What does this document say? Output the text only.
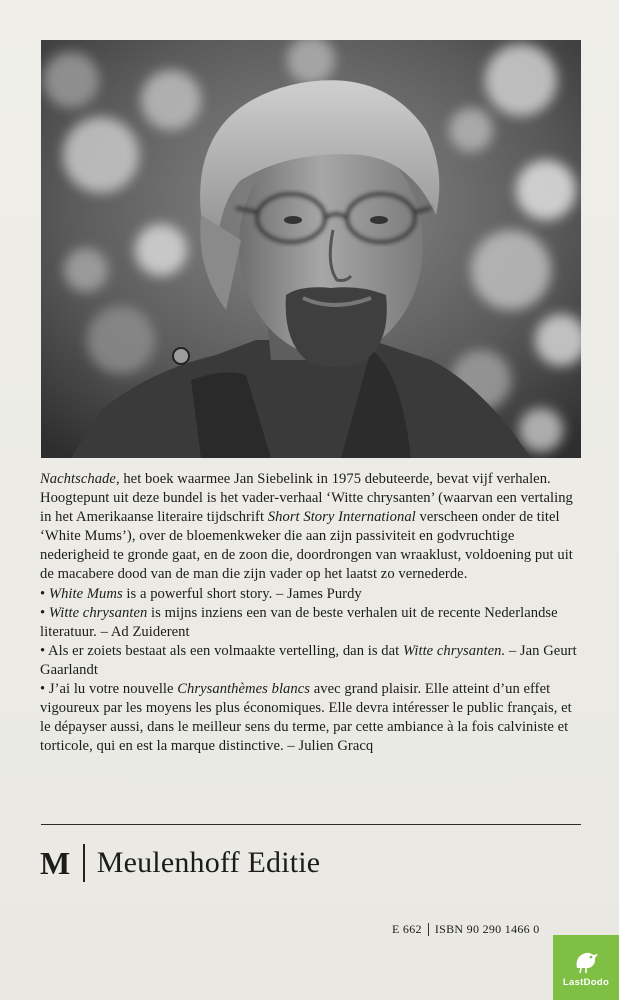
Nachtschade, het boek waarmee Jan Siebelink in 1975 debuteerde, bevat vijf verhalen. Hoogtepunt uit deze bundel is het vader-verhaal ‘Witte chrysanten’ (waarvan een vertaling in het Amerikaanse literaire tijdschrift Short Story International verscheen onder de titel ‘White Mums’), over de bloemenkweker die aan zijn passiviteit en godvruchtige nederigheid te gronde gaat, en de zoon die, doordrongen van wraaklust, voldoening put uit de macabere dood van de man die zijn vader op het laatst zo vernederde.

• White Mums is a powerful short story. – James Purdy

• Witte chrysanten is mijns inziens een van de beste verhalen uit de recente Nederlandse literatuur. – Ad Zuiderent

• Als er zoiets bestaat als een volmaakte vertelling, dan is dat Witte chrysanten. – Jan Geurt Gaarlandt

• J’ai lu votre nouvelle Chrysanthèmes blancs avec grand plaisir. Elle atteint d’un effet vigoureux par les moyens les plus économiques. Elle devra intéresser le public français, et le dépayser aussi, dans le meilleur sens du terme, par cette ambiance à la fois calviniste et torticole, qui en est la marque distinctive. – Julien Gracq

M Meulenhoff Editie
E 662 ISBN 90 290 1466 0
LastDodo
